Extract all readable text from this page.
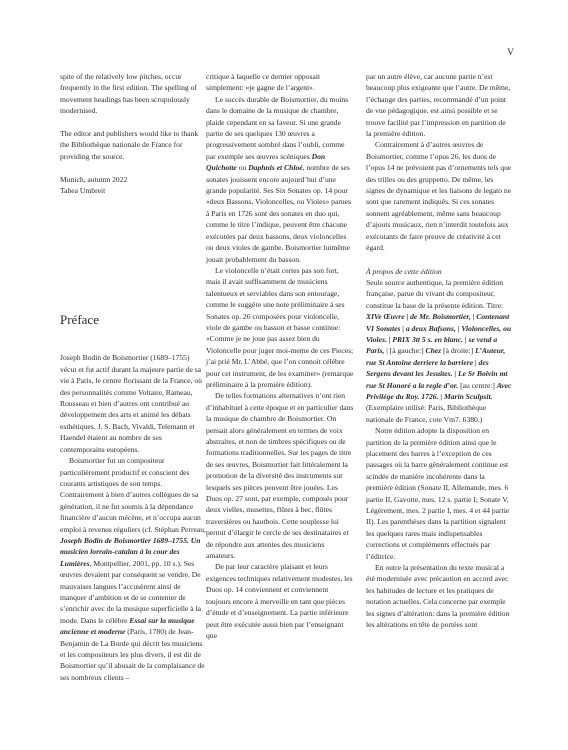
V

spite of the relatively low pitches, occur frequently in the first edition. The spelling of movement headings has been scrupulously modernised.

The editor and publishers would like to thank the Bibliothèque nationale de France for providing the source.

Munich, autumn 2022

Tabea Umbreit

Préface

Joseph Bodin de Boismortier (1689–1755) vécut et fut actif durant la majeure partie de sa vie à Paris, le centre florissant de la France, où des personnalités comme Voltaire, Rameau, Rousseau et bien d’autres ont contribué au développement des arts et animé les débats esthétiques. J. S. Bach, Vivaldi, Telemann et Haendel étaient au nombre de ses contemporains européens.

Boismortier fut un compositeur particulièrement productif et conscient des courants artistiques de son temps. Contrairement à bien d’autres collègues de sa génération, il ne fut soumis à la dépendance financière d’aucun mécène, et n’occupa aucun emploi à revenus réguliers (cf. Stéphan Perreau, Joseph Bodin de Boismortier 1689–1755. Un musicien lorrain-catalan à la cour des Lumières, Montpellier, 2001, pp. 10 s.). Ses œuvres devaient par conséquent se vendre. De mauvaises langues l’accusèrent ainsi de manquer d’ambition et de se contenter de s’enrichir avec de la musique superficielle à la mode. Dans le célèbre Essai sur la musique ancienne et moderne (Paris, 1780) de Jean-Benjamin de La Borde qui décrit les musiciens et les compositeurs les plus divers, il est dit de Boismortier qu’il abusait de la complaisance de ses nombreux clients –

critique à laquelle ce dernier opposait simplement: «je gagne de l’argent».

Le succès durable de Boismortier, du moins dans le domaine de la musique de chambre, plaide cependant en sa faveur. Si une grande partie de ses quelques 130 œuvres a progressivement sombré dans l’oubli, comme par exemple ses œuvres scéniques Don Quichotte ou Daphnis et Chloé, nombre de ses sonates jouissent encore aujourd’hui d’une grande popularité. Ses Six Sonates op. 14 pour «deux Bassons, Violoncelles, ou Violes» parues à Paris en 1726 sont des sonates en duo qui, comme le titre l’indique, peuvent être chacune exécutées par deux bassons, deux violoncelles ou deux violes de gambe. Boismortier luimême jouait probablement du basson.

Le violoncelle n’était certes pas son fort, mais il avait suffisamment de musiciens talentueux et serviables dans son entourage, comme le suggère une note préliminaire à ses Sonates op. 26 composées pour violoncelle, viole de gambe ou basson et basse continue: «Comme je ne joue pas assez bien du Violoncelle pour juger moi-meme de ces Pieces; j’ai prié Mr. L’Abbé, que l’on connoit célébre pour cet instrument, de les examiner» (remarque préliminaire à la première édition).

De telles formations alternatives n’ont rien d’inhabituel à cette époque et en particulier dans la musique de chambre de Boismortier. On pensait alors généralement en termes de voix abstraites, et non de timbres spécifiques ou de formations traditionnelles. Sur les pages de titre de ses œuvres, Boismortier fait littéralement la promotion de la diversité des instruments sur lesquels ses pièces peuvent être jouées. Les Duos op. 27 sont, par exemple, composés pour deux vielles, musettes, flûtes à bec, flûtes traversières ou hautbois. Cette souplesse lui permit d’élargir le cercle de ses destinataires et de répondre aux attentes des musiciens amateurs.

De par leur caractère plaisant et leurs exigences techniques relativement modestes, les Duos op. 14 conviennent et conviennent toujours encore à merveille en tant que pièces d’étude et d’enseignement. La partie inférieure peut être exécutée aussi bien par l’enseignant que

par un autre élève, car aucune partie n’est beaucoup plus exigeante que l’autre. De même, l’échange des parties, recommandé d’un point de vue pédagogique, est ainsi possible et se trouve facilité par l’impression en partition de la première édition.

Contrairement à d’autres œuvres de Boismortier, comme l’opus 26, les duos de l’opus 14 ne prévoient pas d’ornements tels que des trilles ou des gruppetto. De même, les signes de dynamique et les liaisons de legato ne sont que rarement indiqués. Si ces sonates sonnent agréablement, même sans beaucoup d’ajouts musicaux, rien n’interdit toutefois aux exécutants de faire preuve de créativité à cet égard.

À propos de cette édition

Seule source authentique, la première édition française, parue du vivant du compositeur, constitue la base de la présente édition. Titre: XIVe Œuvre | de Mr. Boismortier, | Contenant VI Sonates | a deux Bafsons, | Violoncelles, ou Violes. | PRIX 3tt 5 s. en blanc. | se vend a Paris, | [à gauche:] Chez [à droite:] L’Auteur, rue St Antoine derriere la barriere | des Sergens devant les Jesuites. | Le Sr Boivin mt rue St Honoré a la regle d’or. [au centre:] Avec Privilége du Roy. 1726. | Marin Sculpsit. (Exemplaire utilisé: Paris, Bibliothèque nationale de France, cote Vm7. 6380.)

Notre édition adopte la disposition en partition de la première édition ainsi que le placement des barres à l’exception de ces passages où la barre généralement continue est scindée de manière incohérente dans la première édition (Sonate II, Allemande, mes. 6 partie II, Gavotte, mes. 12 s. partie I; Sonate V, Légèrement, mes. 2 partie I, mes. 4 et 44 partie II). Les parenthèses dans la partition signalent les quelques rares mais indispensables corrections et compléments effectués par l’éditrice.

En outre la présentation du texte musical a été modernisée avec précaution en accord avec les habitudes de lecture et les pratiques de notation actuelles. Cela concerne par exemple les signes d’altération: dans la première édition les altérations en tête de portées sont
